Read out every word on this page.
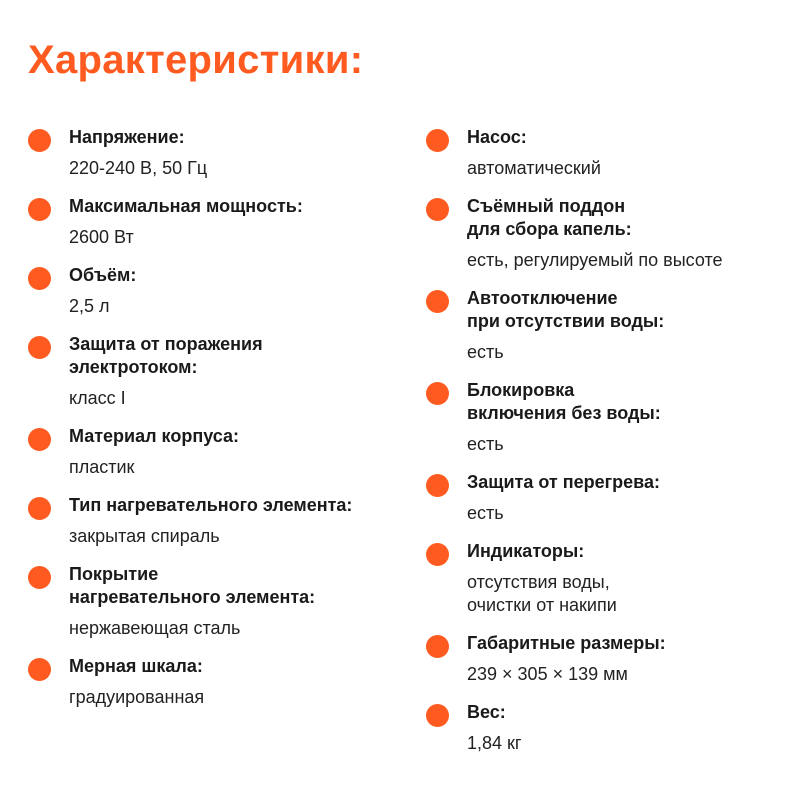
Характеристики:
Напряжение:
220-240 В, 50 Гц
Максимальная мощность:
2600 Вт
Объём:
2,5 л
Защита от поражения
электротоком:
класс I
Материал корпуса:
пластик
Тип нагревательного элемента:
закрытая спираль
Покрытие
нагревательного элемента:
нержавеющая сталь
Мерная шкала:
градуированная
Насос:
автоматический
Съёмный поддон
для сбора капель:
есть, регулируемый по высоте
Автоотключение
при отсутствии воды:
есть
Блокировка
включения без воды:
есть
Защита от перегрева:
есть
Индикаторы:
отсутствия воды,
очистки от накипи
Габаритные размеры:
239 × 305 × 139 мм
Вес:
1,84 кг
